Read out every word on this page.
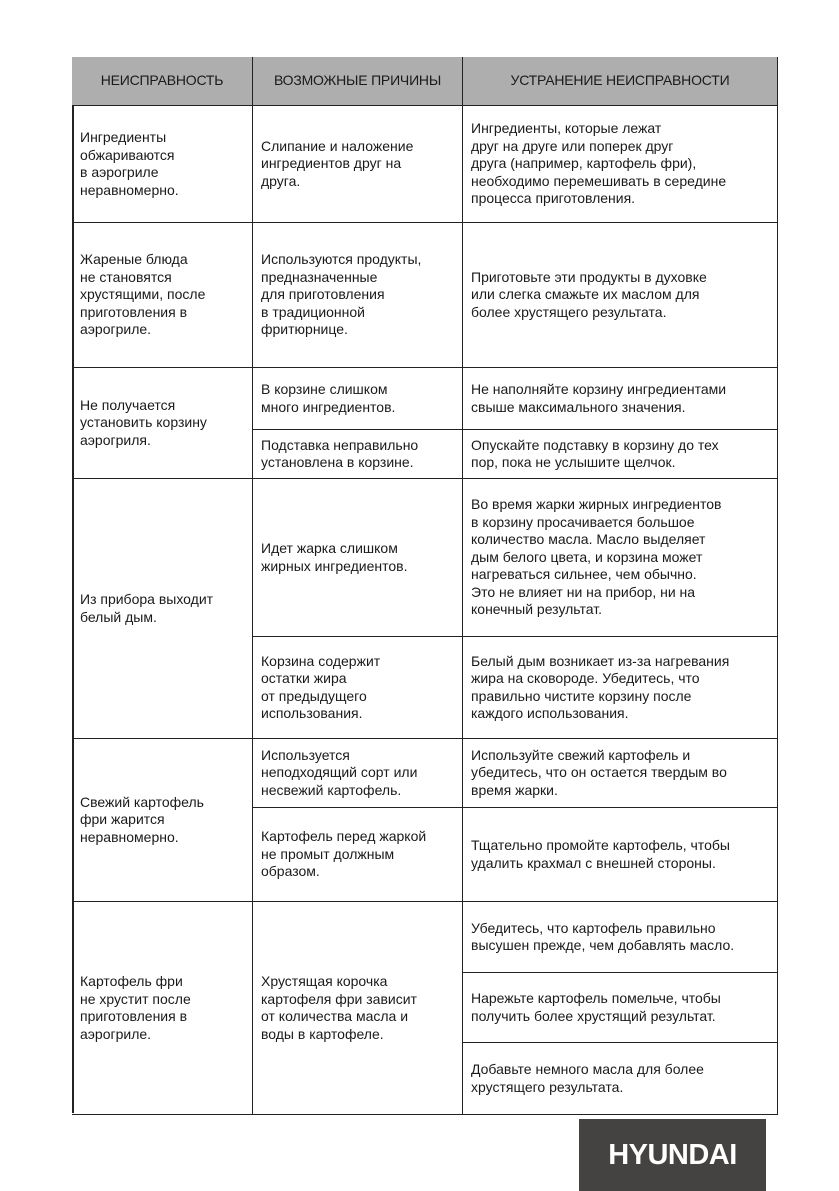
НЕИСПРАВНОСТЬ	ВОЗМОЖНЫЕ ПРИЧИНЫ	УСТРАНЕНИЕ НЕИСПРАВНОСТИ
Ингредиенты
обжариваются
в аэрогриле
неравномерно.
Слипание и наложение
ингредиентов друг на
друга.
Ингредиенты, которые лежат
друг на друге или поперек друг
друга (например, картофель фри),
необходимо перемешивать в середине
процесса приготовления.
Жареные блюда
не становятся
хрустящими, после
приготовления в
аэрогриле.
Используются продукты,
предназначенные
для приготовления
в традиционной
фритюрнице.
Приготовьте эти продукты в духовке
или слегка смажьте их маслом для
более хрустящего результата.
Не получается
установить корзину
аэрогриля.
В корзине слишком
много ингредиентов.
Не наполняйте корзину ингредиентами
свыше максимального значения.
Подставка неправильно
установлена в корзине.
Опускайте подставку в корзину до тех
пор, пока не услышите щелчок.
Из прибора выходит
белый дым.
Идет жарка слишком
жирных ингредиентов.
Во время жарки жирных ингредиентов
в корзину просачивается большое
количество масла. Масло выделяет
дым белого цвета, и корзина может
нагреваться сильнее, чем обычно.
Это не влияет ни на прибор, ни на
конечный результат.
Корзина содержит
остатки жира
от предыдущего
использования.
Белый дым возникает из-за нагревания
жира на сковороде. Убедитесь, что
правильно чистите корзину после
каждого использования.
Свежий картофель
фри жарится
неравномерно.
Используется
неподходящий сорт или
несвежий картофель.
Используйте свежий картофель и
убедитесь, что он остается твердым во
время жарки.
Картофель перед жаркой
не промыт должным
образом.
Тщательно промойте картофель, чтобы
удалить крахмал с внешней стороны.
Картофель фри
не хрустит после
приготовления в
аэрогриле.
Хрустящая корочка
картофеля фри зависит
от количества масла и
воды в картофеле.
Убедитесь, что картофель правильно
высушен прежде, чем добавлять масло.
Нарежьте картофель помельче, чтобы
получить более хрустящий результат.
Добавьте немного масла для более
хрустящего результата.
HYUNDAI
